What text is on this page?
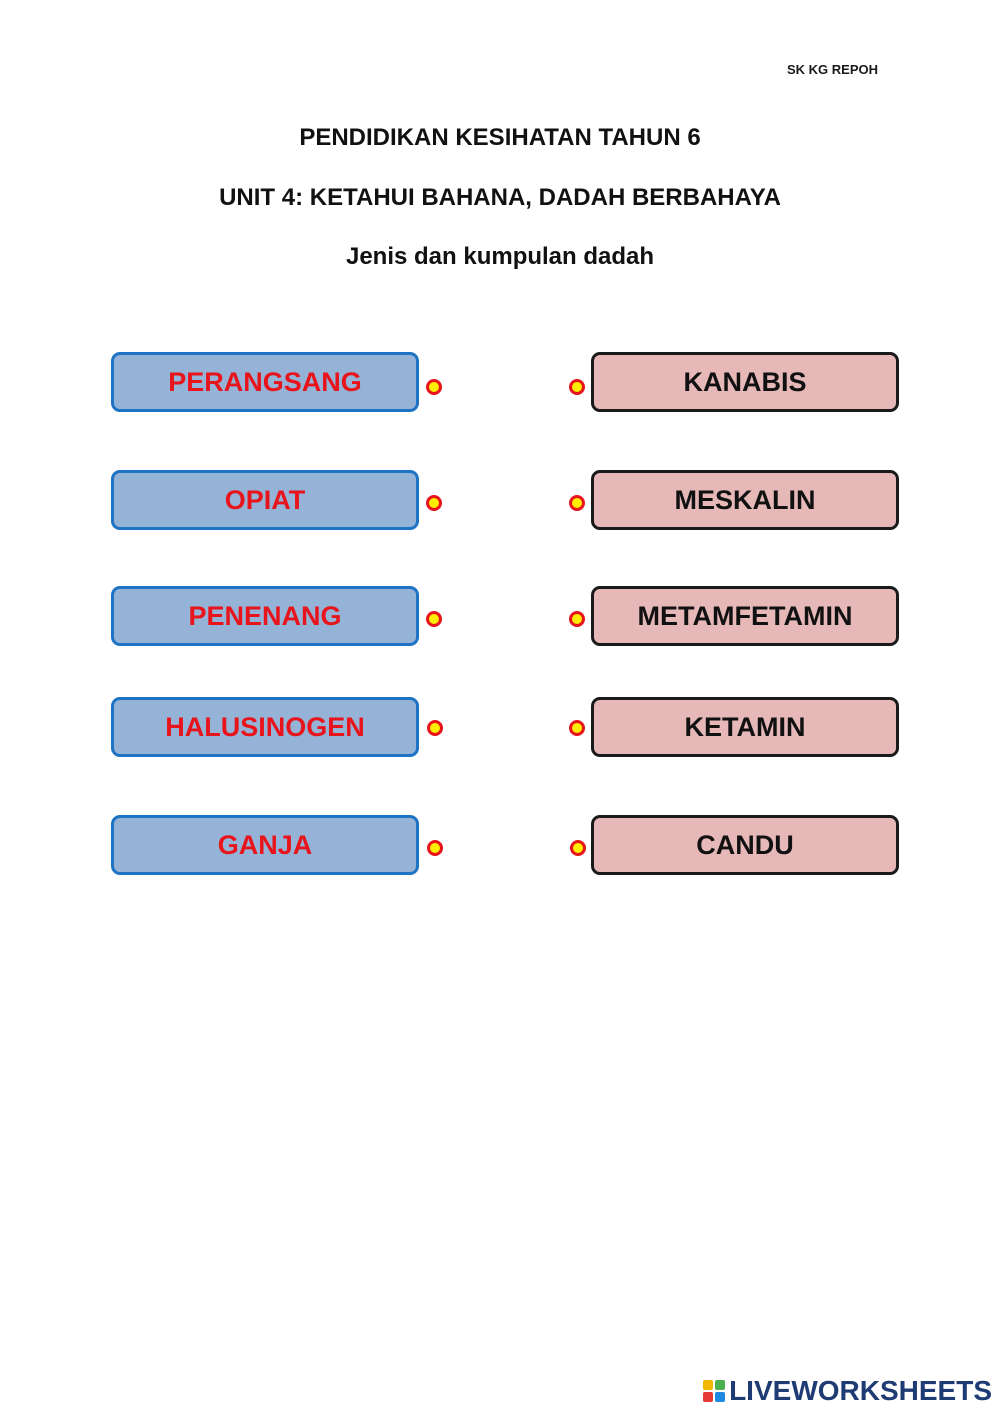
SK KG REPOH
PENDIDIKAN KESIHATAN TAHUN 6
UNIT 4: KETAHUI BAHANA, DADAH BERBAHAYA
Jenis dan kumpulan dadah
PERANGSANG
OPIAT
PENENANG
HALUSINOGEN
GANJA
KANABIS
MESKALIN
METAMFETAMIN
KETAMIN
CANDU
LIVEWORKSHEETS
